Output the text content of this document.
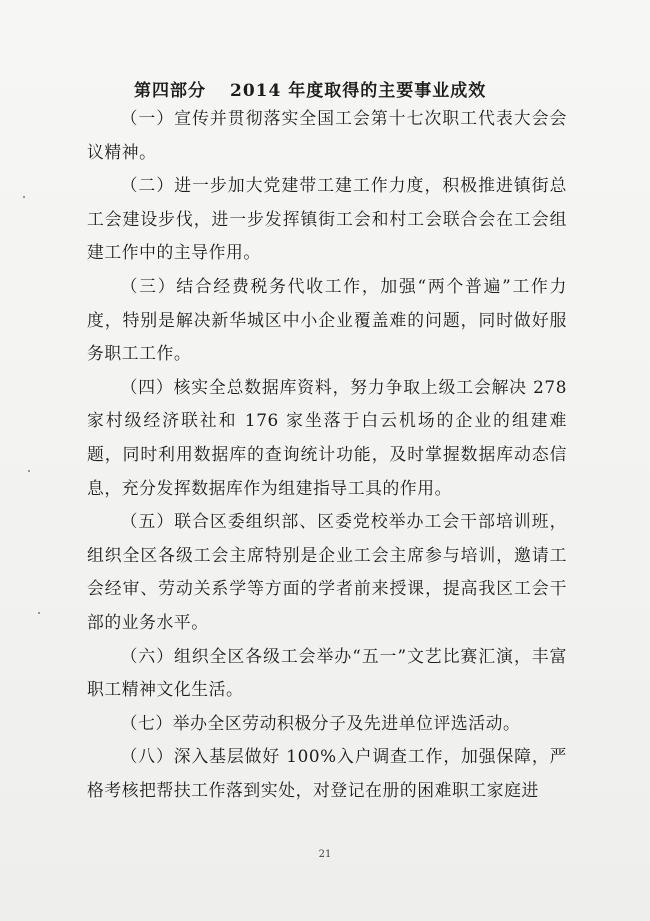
第四部分 2014 年度取得的主要事业成效

（一）宣传并贯彻落实全国工会第十七次职工代表大会会议精神。

（二）进一步加大党建带工建工作力度，积极推进镇街总工会建设步伐，进一步发挥镇街工会和村工会联合会在工会组建工作中的主导作用。

（三）结合经费税务代收工作，加强“两个普遍”工作力度，特别是解决新华城区中小企业覆盖难的问题，同时做好服务职工工作。

（四）核实全总数据库资料，努力争取上级工会解决 278 家村级经济联社和 176 家坐落于白云机场的企业的组建难题，同时利用数据库的查询统计功能，及时掌握数据库动态信息，充分发挥数据库作为组建指导工具的作用。

（五）联合区委组织部、区委党校举办工会干部培训班，组织全区各级工会主席特别是企业工会主席参与培训，邀请工会经审、劳动关系学等方面的学者前来授课，提高我区工会干部的业务水平。

（六）组织全区各级工会举办“五一”文艺比赛汇演，丰富职工精神文化生活。

（七）举办全区劳动积极分子及先进单位评选活动。

（八）深入基层做好 100%入户调查工作，加强保障，严格考核把帮扶工作落到实处，对登记在册的困难职工家庭进

21
